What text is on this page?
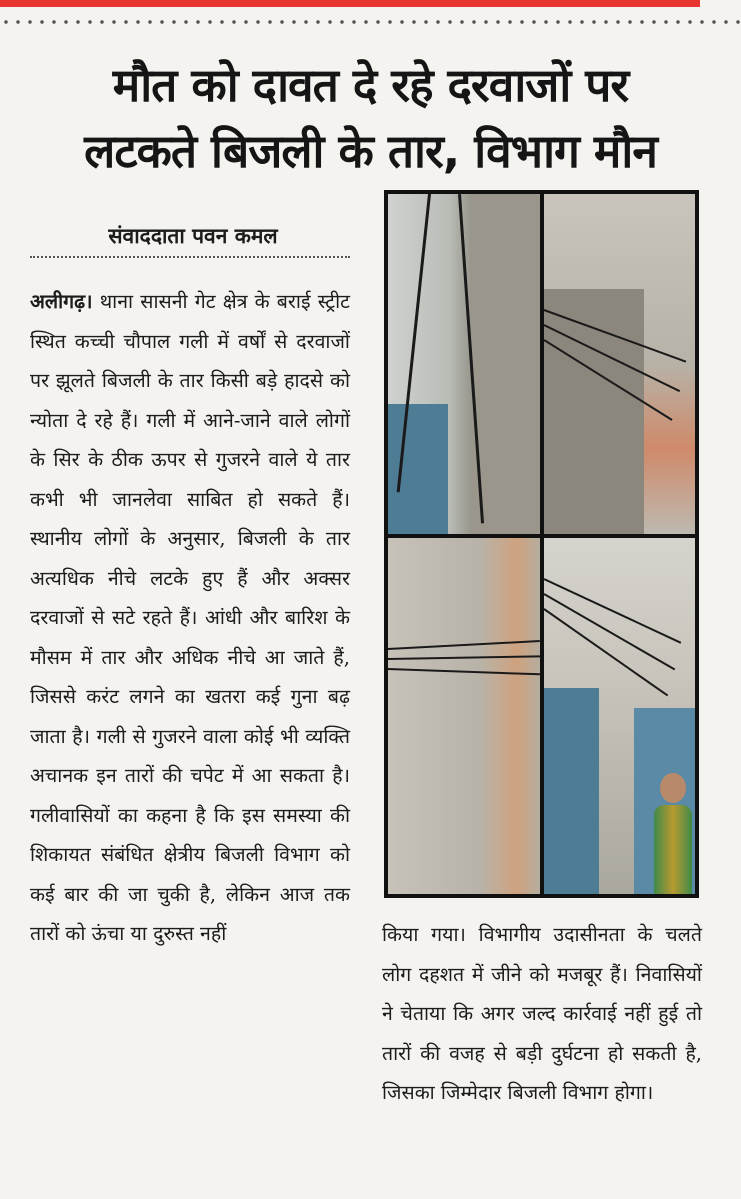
मौत को दावत दे रहे दरवाजों पर
लटकते बिजली के तार, विभाग मौन
संवाददाता पवन कमल
अलीगढ़। थाना सासनी गेट क्षेत्र के बराई स्ट्रीट स्थित कच्ची चौपाल गली में वर्षों से दरवाजों पर झूलते बिजली के तार किसी बड़े हादसे को न्योता दे रहे हैं। गली में आने-जाने वाले लोगों के सिर के ठीक ऊपर से गुजरने वाले ये तार कभी भी जानलेवा साबित हो सकते हैं। स्थानीय लोगों के अनुसार, बिजली के तार अत्यधिक नीचे लटके हुए हैं और अक्सर दरवाजों से सटे रहते हैं। आंधी और बारिश के मौसम में तार और अधिक नीचे आ जाते हैं, जिससे करंट लगने का खतरा कई गुना बढ़ जाता है। गली से गुजरने वाला कोई भी व्यक्ति अचानक इन तारों की चपेट में आ सकता है। गलीवासियों का कहना है कि इस समस्या की शिकायत संबंधित क्षेत्रीय बिजली विभाग को कई बार की जा चुकी है, लेकिन आज तक तारों को ऊंचा या दुरुस्त नहीं	किया गया। विभागीय उदासीनता के चलते लोग दहशत में जीने को मजबूर हैं। निवासियों ने चेताया कि अगर जल्द कार्रवाई नहीं हुई तो तारों की वजह से बड़ी दुर्घटना हो सकती है, जिसका जिम्मेदार बिजली विभाग होगा।
